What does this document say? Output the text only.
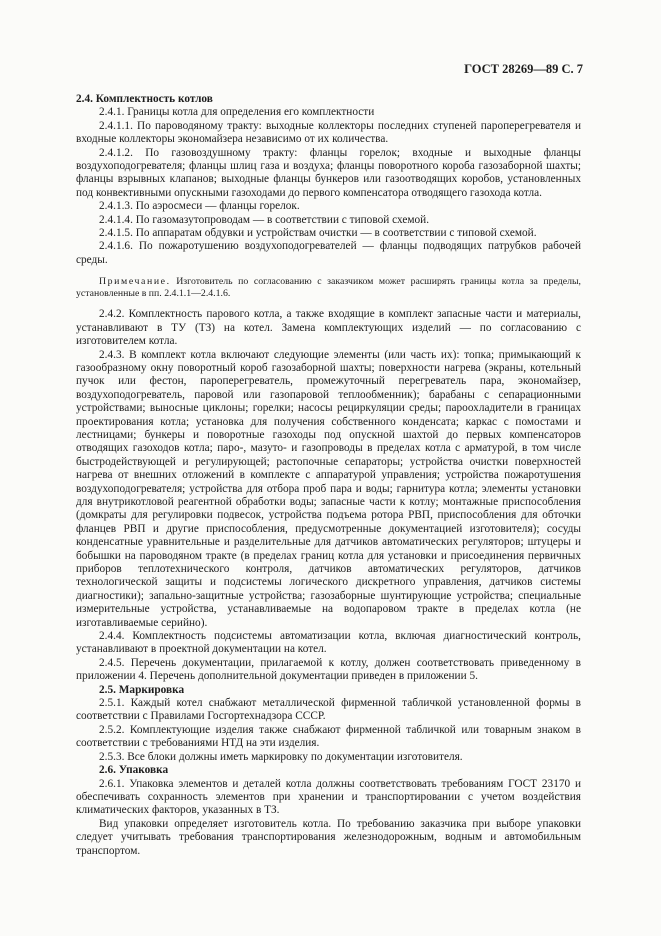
ГОСТ 28269—89 С. 7

2.4. Комплектность котлов

2.4.1. Границы котла для определения его комплектности

2.4.1.1. По пароводяному тракту: выходные коллекторы последних ступеней пароперегревателя и входные коллекторы экономайзера независимо от их количества.

2.4.1.2. По газовоздушному тракту: фланцы горелок; входные и выходные фланцы воздухоподогревателя; фланцы шлиц газа и воздуха; фланцы поворотного короба газозаборной шахты; фланцы взрывных клапанов; выходные фланцы бункеров или газоотводящих коробов, установленных под конвективными опускными газоходами до первого компенсатора отводящего газохода котла.

2.4.1.3. По аэросмеси — фланцы горелок.

2.4.1.4. По газомазутопроводам — в соответствии с типовой схемой.

2.4.1.5. По аппаратам обдувки и устройствам очистки — в соответствии с типовой схемой.

2.4.1.6. По пожаротушению воздухоподогревателей — фланцы подводящих патрубков рабочей среды.

Примечание. Изготовитель по согласованию с заказчиком может расширять границы котла за пределы, установленные в пп. 2.4.1.1—2.4.1.6.

2.4.2. Комплектность парового котла, а также входящие в комплект запасные части и материалы, устанавливают в ТУ (ТЗ) на котел. Замена комплектующих изделий — по согласованию с изготовителем котла.

2.4.3. В комплект котла включают следующие элементы (или часть их): топка; примыкающий к газообразному окну поворотный короб газозаборной шахты; поверхности нагрева (экраны, котельный пучок или фестон, пароперегреватель, промежуточный перегреватель пара, экономайзер, воздухоподогреватель, паровой или газопаровой теплообменник); барабаны с сепарационными устройствами; выносные циклоны; горелки; насосы рециркуляции среды; пароохладители в границах проектирования котла; установка для получения собственного конденсата; каркас с помостами и лестницами; бункеры и поворотные газоходы под опускной шахтой до первых компенсаторов отводящих газоходов котла; паро-, мазуто- и газопроводы в пределах котла с арматурой, в том числе быстродействующей и регулирующей; растопочные сепараторы; устройства очистки поверхностей нагрева от внешних отложений в комплекте с аппаратурой управления; устройства пожаротушения воздухоподогревателя; устройства для отбора проб пара и воды; гарнитура котла; элементы установки для внутрикотловой реагентной обработки воды; запасные части к котлу; монтажные приспособления (домкраты для регулировки подвесок, устройства подъема ротора РВП, приспособления для обточки фланцев РВП и другие приспособления, предусмотренные документацией изготовителя); сосуды конденсатные уравнительные и разделительные для датчиков автоматических регуляторов; штуцеры и бобышки на пароводяном тракте (в пределах границ котла для установки и присоединения первичных приборов теплотехнического контроля, датчиков автоматических регуляторов, датчиков технологической защиты и подсистемы логического дискретного управления, датчиков системы диагностики); запально-защитные устройства; газозаборные шунтирующие устройства; специальные измерительные устройства, устанавливаемые на водопаровом тракте в пределах котла (не изготавливаемые серийно).

2.4.4. Комплектность подсистемы автоматизации котла, включая диагностический контроль, устанавливают в проектной документации на котел.

2.4.5. Перечень документации, прилагаемой к котлу, должен соответствовать приведенному в приложении 4. Перечень дополнительной документации приведен в приложении 5.

2.5. Маркировка

2.5.1. Каждый котел снабжают металлической фирменной табличкой установленной формы в соответствии с Правилами Госгортехнадзора СССР.

2.5.2. Комплектующие изделия также снабжают фирменной табличкой или товарным знаком в соответствии с требованиями НТД на эти изделия.

2.5.3. Все блоки должны иметь маркировку по документации изготовителя.

2.6. Упаковка

2.6.1. Упаковка элементов и деталей котла должны соответствовать требованиям ГОСТ 23170 и обеспечивать сохранность элементов при хранении и транспортировании с учетом воздействия климатических факторов, указанных в ТЗ.

Вид упаковки определяет изготовитель котла. По требованию заказчика при выборе упаковки следует учитывать требования транспортирования железнодорожным, водным и автомобильным транспортом.
